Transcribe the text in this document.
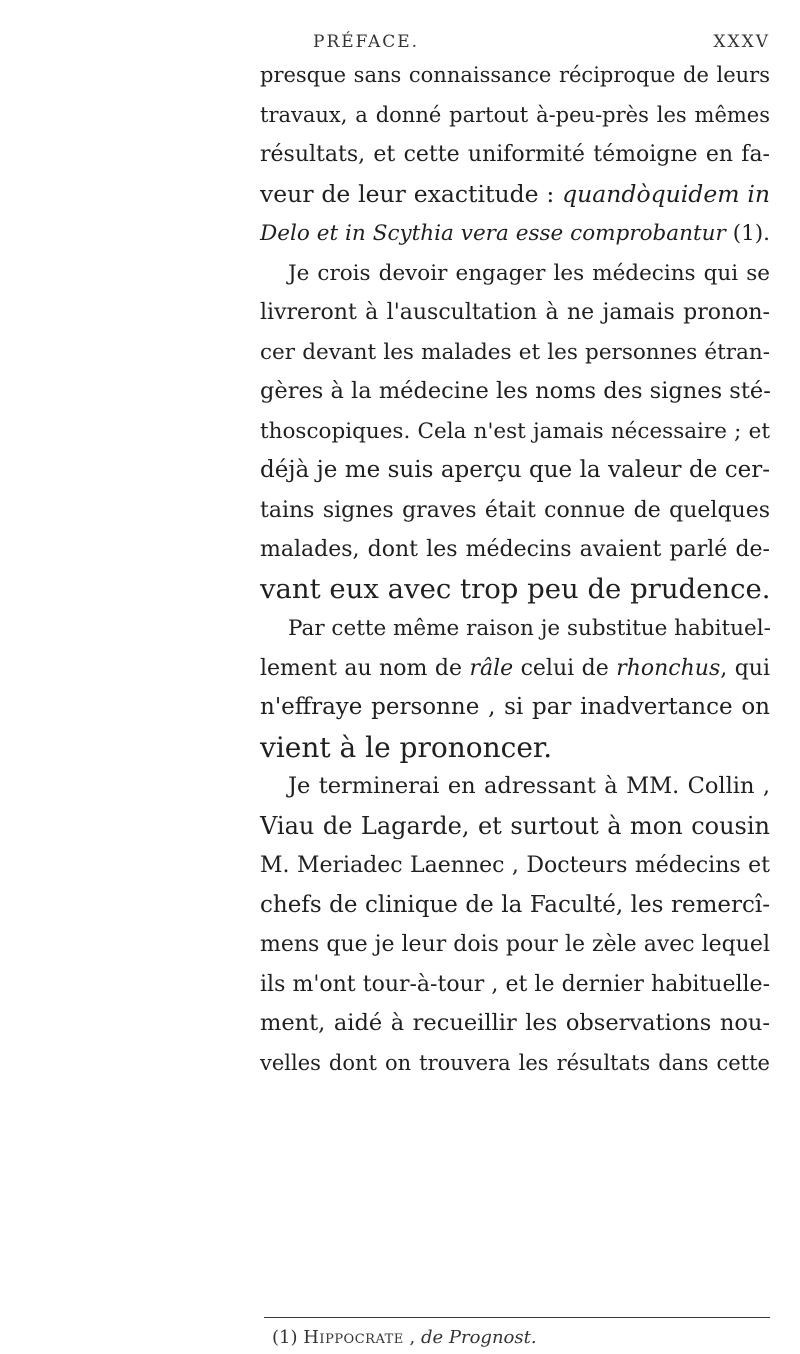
PRÉFACE.	XXXV
presque sans connaissance réciproque de leurs
travaux, a donné partout à-peu-près les mêmes
résultats, et cette uniformité témoigne en fa-
veur de leur exactitude : quandòquidem in
Delo et in Scythia vera esse comprobantur (1).
Je crois devoir engager les médecins qui se
livreront à l'auscultation à ne jamais pronon-
cer devant les malades et les personnes étran-
gères à la médecine les noms des signes sté-
thoscopiques. Cela n'est jamais nécessaire ; et
déjà je me suis aperçu que la valeur de cer-
tains signes graves était connue de quelques
malades, dont les médecins avaient parlé de-
vant eux avec trop peu de prudence.
Par cette même raison je substitue habituel-
lement au nom de râle celui de rhonchus, qui
n'effraye personne , si par inadvertance on
vient à le prononcer.
Je terminerai en adressant à MM. Collin ,
Viau de Lagarde, et surtout à mon cousin
M. Meriadec Laennec , Docteurs médecins et
chefs de clinique de la Faculté, les remercî-
mens que je leur dois pour le zèle avec lequel
ils m'ont tour-à-tour , et le dernier habituelle-
ment, aidé à recueillir les observations nou-
velles dont on trouvera les résultats dans cette
(1) Hippocrate , de Prognost.
